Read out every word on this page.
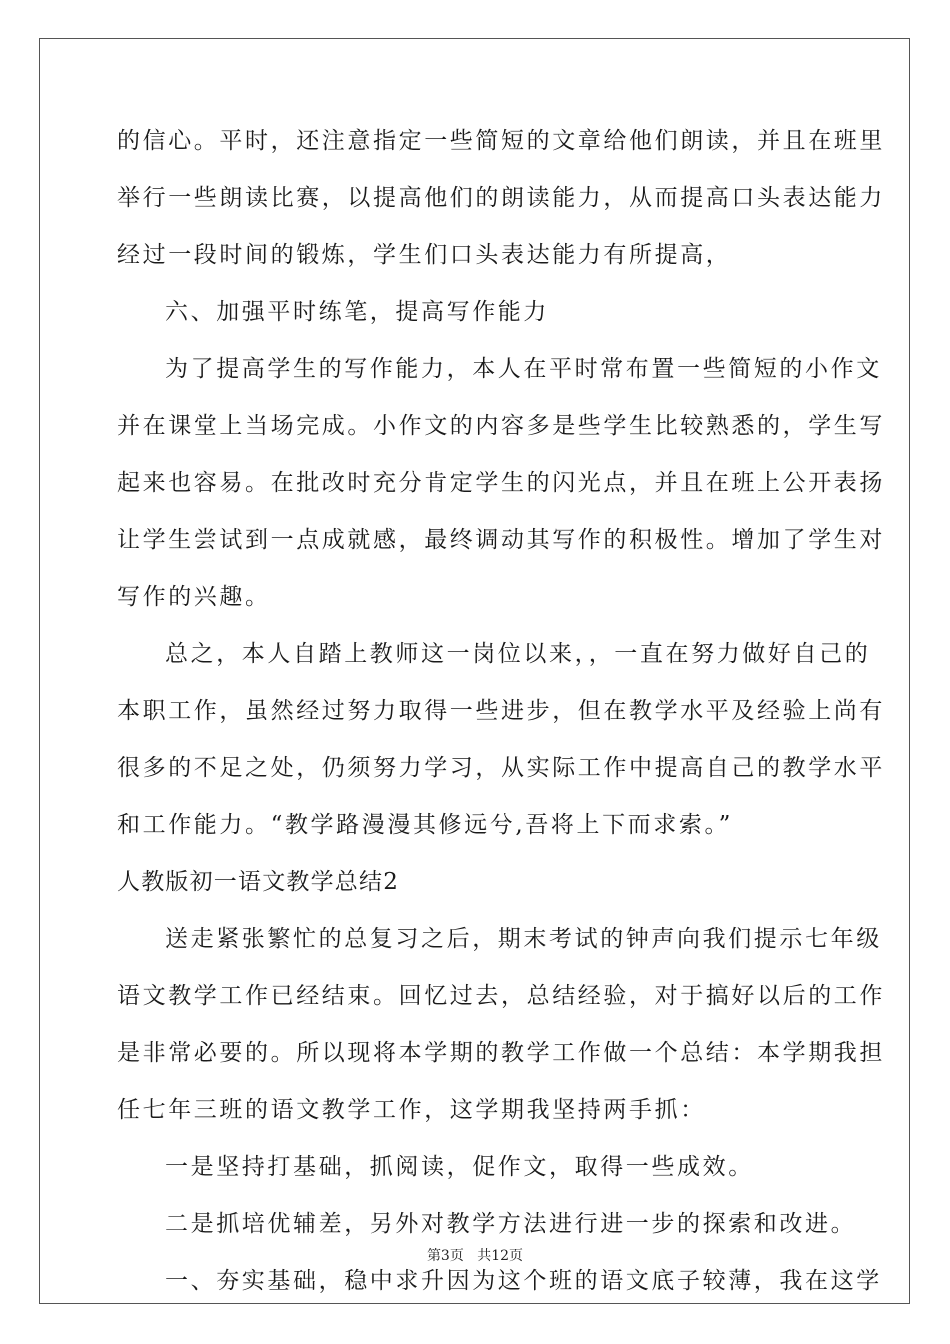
的信心。平时，还注意指定一些简短的文章给他们朗读，并且在班里
举行一些朗读比赛，以提高他们的朗读能力，从而提高口头表达能力
经过一段时间的锻炼，学生们口头表达能力有所提高，
六、加强平时练笔，提高写作能力
为了提高学生的写作能力，本人在平时常布置一些简短的小作文
并在课堂上当场完成。小作文的内容多是些学生比较熟悉的，学生写
起来也容易。在批改时充分肯定学生的闪光点，并且在班上公开表扬
让学生尝试到一点成就感，最终调动其写作的积极性。增加了学生对
写作的兴趣。
总之，本人自踏上教师这一岗位以来，，一直在努力做好自己的
本职工作，虽然经过努力取得一些进步，但在教学水平及经验上尚有
很多的不足之处，仍须努力学习，从实际工作中提高自己的教学水平
和工作能力。“教学路漫漫其修远兮,吾将上下而求索。”
人教版初一语文教学总结2
送走紧张繁忙的总复习之后，期末考试的钟声向我们提示七年级
语文教学工作已经结束。回忆过去，总结经验，对于搞好以后的工作
是非常必要的。所以现将本学期的教学工作做一个总结：本学期我担
任七年三班的语文教学工作，这学期我坚持两手抓：
一是坚持打基础，抓阅读，促作文，取得一些成效。
二是抓培优辅差，另外对教学方法进行进一步的探索和改进。
一、夯实基础，稳中求升因为这个班的语文底子较薄，我在这学
第3页 共12页
